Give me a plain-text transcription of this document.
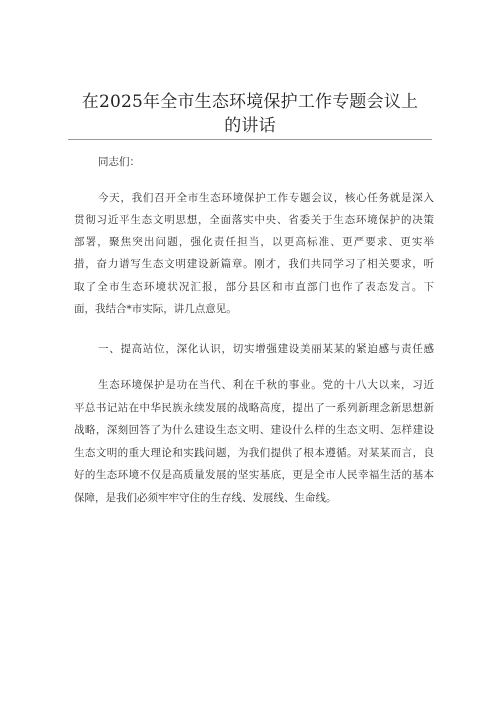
在2025年全市生态环境保护工作专题会议上
的讲话
同志们：
今天，我们召开全市生态环境保护工作专题会议，核心任务就是深入
贯彻习近平生态文明思想，全面落实中央、省委关于生态环境保护的决策
部署，聚焦突出问题，强化责任担当，以更高标准、更严要求、更实举
措，奋力谱写生态文明建设新篇章。刚才，我们共同学习了相关要求，听
取了全市生态环境状况汇报，部分县区和市直部门也作了表态发言。下
面，我结合*市实际，讲几点意见。
一、提高站位，深化认识，切实增强建设美丽某某的紧迫感与责任感
生态环境保护是功在当代、利在千秋的事业。党的十八大以来，习近
平总书记站在中华民族永续发展的战略高度，提出了一系列新理念新思想新
战略，深刻回答了为什么建设生态文明、建设什么样的生态文明、怎样建设
生态文明的重大理论和实践问题，为我们提供了根本遵循。对某某而言，良
好的生态环境不仅是高质量发展的坚实基底，更是全市人民幸福生活的基本
保障，是我们必须牢牢守住的生存线、发展线、生命线。
